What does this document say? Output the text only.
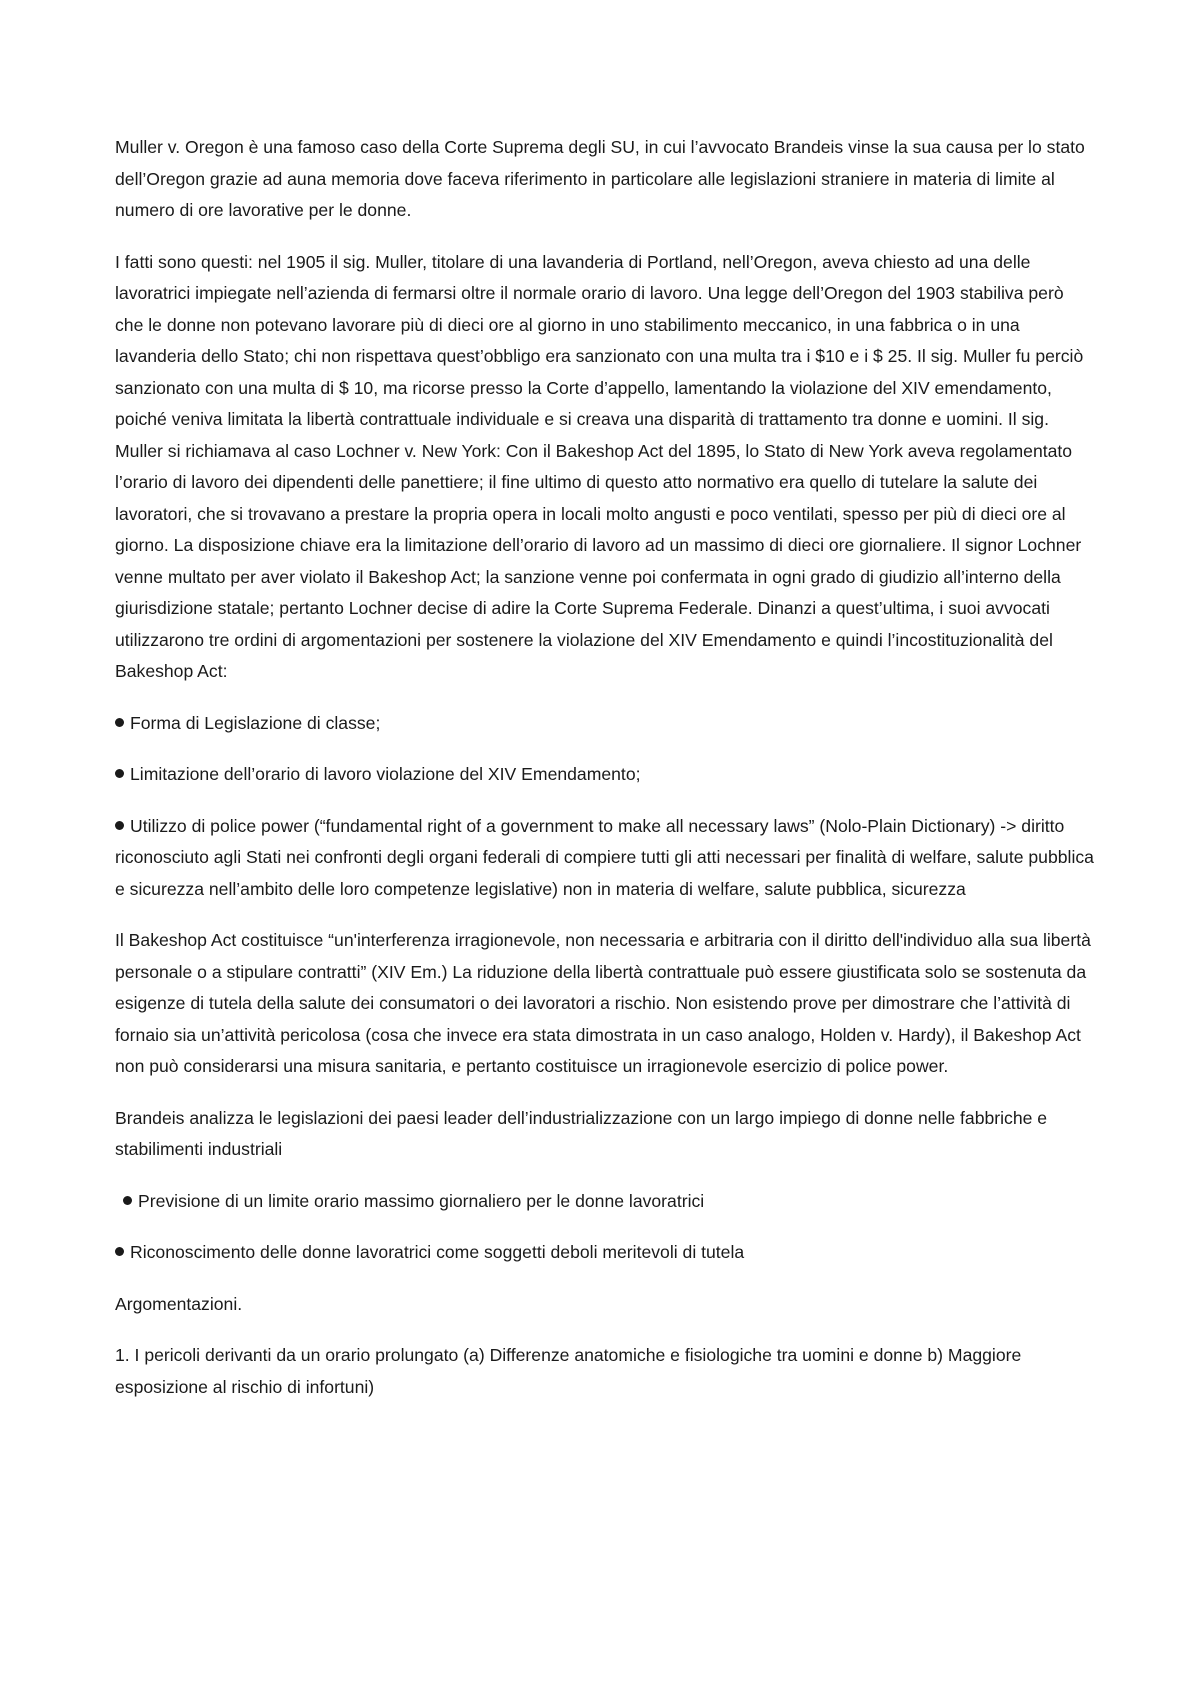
Muller v. Oregon è una famoso caso della Corte Suprema degli SU, in cui l’avvocato Brandeis vinse la sua causa per lo stato dell’Oregon grazie ad auna memoria dove faceva riferimento in particolare alle legislazioni straniere in materia di limite al numero di ore lavorative per le donne.

I fatti sono questi: nel 1905 il sig. Muller, titolare di una lavanderia di Portland, nell’Oregon, aveva chiesto ad una delle lavoratrici impiegate nell’azienda di fermarsi oltre il normale orario di lavoro. Una legge dell’Oregon del 1903 stabiliva però che le donne non potevano lavorare più di dieci ore al giorno in uno stabilimento meccanico, in una fabbrica o in una lavanderia dello Stato; chi non rispettava quest’obbligo era sanzionato con una multa tra i $10 e i $ 25. Il sig. Muller fu perciò sanzionato con una multa di $ 10, ma ricorse presso la Corte d’appello, lamentando la violazione del XIV emendamento, poiché veniva limitata la libertà contrattuale individuale e si creava una disparità di trattamento tra donne e uomini. Il sig. Muller si richiamava al caso Lochner v. New York: Con il Bakeshop Act del 1895, lo Stato di New York aveva regolamentato l’orario di lavoro dei dipendenti delle panettiere; il fine ultimo di questo atto normativo era quello di tutelare la salute dei lavoratori, che si trovavano a prestare la propria opera in locali molto angusti e poco ventilati, spesso per più di dieci ore al giorno. La disposizione chiave era la limitazione dell’orario di lavoro ad un massimo di dieci ore giornaliere. Il signor Lochner venne multato per aver violato il Bakeshop Act; la sanzione venne poi confermata in ogni grado di giudizio all’interno della giurisdizione statale; pertanto Lochner decise di adire la Corte Suprema Federale. Dinanzi a quest’ultima, i suoi avvocati utilizzarono tre ordini di argomentazioni per sostenere la violazione del XIV Emendamento e quindi l’incostituzionalità del Bakeshop Act:

Forma di Legislazione di classe;
Limitazione dell’orario di lavoro violazione del XIV Emendamento;
Utilizzo di police power (“fundamental right of a government to make all necessary laws” (Nolo-Plain Dictionary) -> diritto riconosciuto agli Stati nei confronti degli organi federali di compiere tutti gli atti necessari per finalità di welfare, salute pubblica e sicurezza nell’ambito delle loro competenze legislative) non in materia di welfare, salute pubblica, sicurezza

Il Bakeshop Act costituisce “un'interferenza irragionevole, non necessaria e arbitraria con il diritto dell'individuo alla sua libertà personale o a stipulare contratti” (XIV Em.) La riduzione della libertà contrattuale può essere giustificata solo se sostenuta da esigenze di tutela della salute dei consumatori o dei lavoratori a rischio. Non esistendo prove per dimostrare che l’attività di fornaio sia un’attività pericolosa (cosa che invece era stata dimostrata in un caso analogo, Holden v. Hardy), il Bakeshop Act non può considerarsi una misura sanitaria, e pertanto costituisce un irragionevole esercizio di police power.

Brandeis analizza le legislazioni dei paesi leader dell’industrializzazione con un largo impiego di donne nelle fabbriche e stabilimenti industriali

Previsione di un limite orario massimo giornaliero per le donne lavoratrici
Riconoscimento delle donne lavoratrici come soggetti deboli meritevoli di tutela

Argomentazioni.

1. I pericoli derivanti da un orario prolungato (a) Differenze anatomiche e fisiologiche tra uomini e donne b) Maggiore esposizione al rischio di infortuni)
